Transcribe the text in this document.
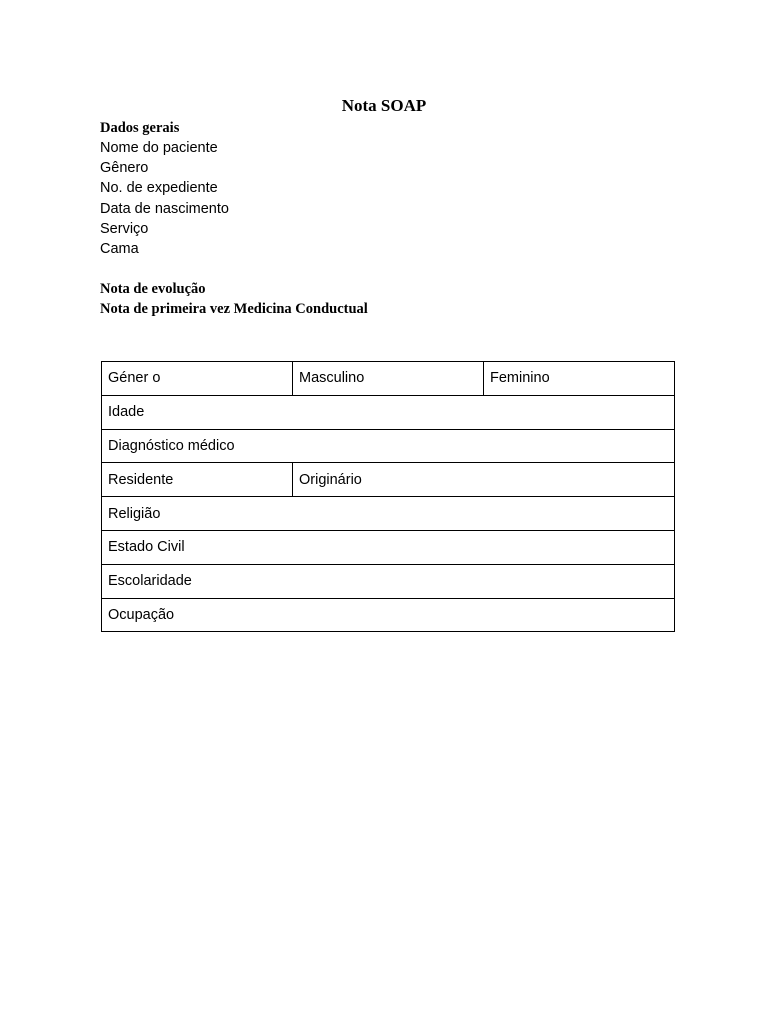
Nota SOAP

Dados gerais

Nome do paciente

Gênero

No. de expediente

Data de nascimento

Serviço

Cama

Nota de evolução

Nota de primeira vez Medicina Conductual

Géner o	Masculino	Feminino
Idade		
Diagnóstico médico		
Residente	Originário	
Religião		
Estado Civil		
Escolaridade		
Ocupação		
